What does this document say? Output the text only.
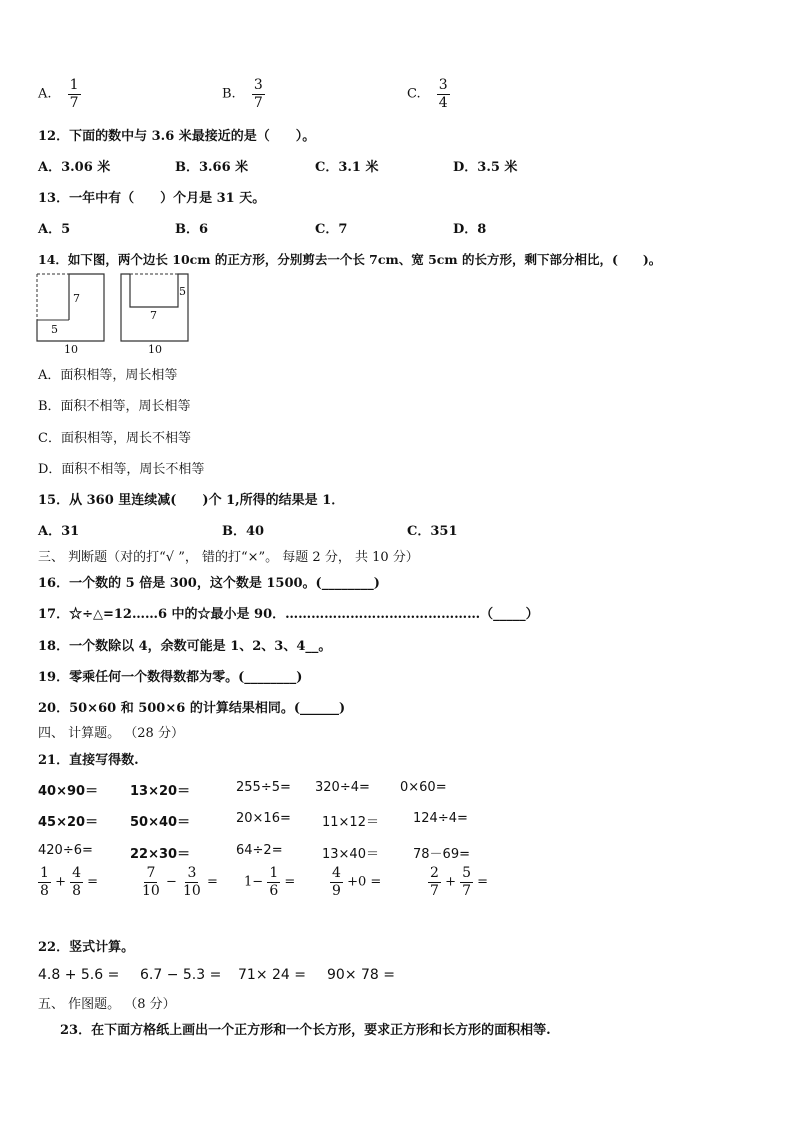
A. $\frac{1}{7}$	B. $\frac{3}{7}$	C. $\frac{3}{4}$
12．下面的数中与 3.6 米最接近的是（　　）。
A．3.06 米	B．3.66 米	C．3.1 米	D．3.5 米
13．一年中有（　　）个月是 31 天。
A．5	B．6	C．7	D．8
14．如下图，两个边长 10cm 的正方形，分别剪去一个长 7cm、宽 5cm 的长方形，剩下部分相比，(　　)。
7
5
10
5
7
10
A．面积相等，周长相等
B．面积不相等，周长相等
C．面积相等，周长不相等
D．面积不相等，周长不相等
15．从 360 里连续减(　　)个 1,所得的结果是 1．
A．31	B．40	C．351
三、 判断题（对的打“√ ”， 错的打“×”。 每题 2 分， 共 10 分）
16．一个数的 5 倍是 300，这个数是 1500。(________)
17．☆÷△=12……6 中的☆最小是 90．………………………………………（_____）
18．一个数除以 4，余数可能是 1、2、3、4__。
19．零乘任何一个数得数都为零。(________)
20．50×60 和 500×6 的计算结果相同。(______)
四、 计算题。 （28 分）
21．直接写得数.
40×90＝ 13×20＝	255÷5= 320÷4= 0×60=
45×20＝ 50×40＝	20×16= 11×12＝	124÷4=
420÷6=	22×30＝	64÷2=	13×40＝	78－69=
$\frac{1}{8} + \frac{4}{8}$ =	$\frac{7}{10} - \frac{3}{10} = 1- \frac{1}{6} = \frac{4}{9} +0$ =	$\frac{2}{7} + \frac{5}{7}$ =
22．竖式计算。
4.8 + 5.6 = 6.7 − 5.3 = 71× 24 = 90× 78 =
五、 作图题。 （8 分）
23．在下面方格纸上画出一个正方形和一个长方形，要求正方形和长方形的面积相等.
